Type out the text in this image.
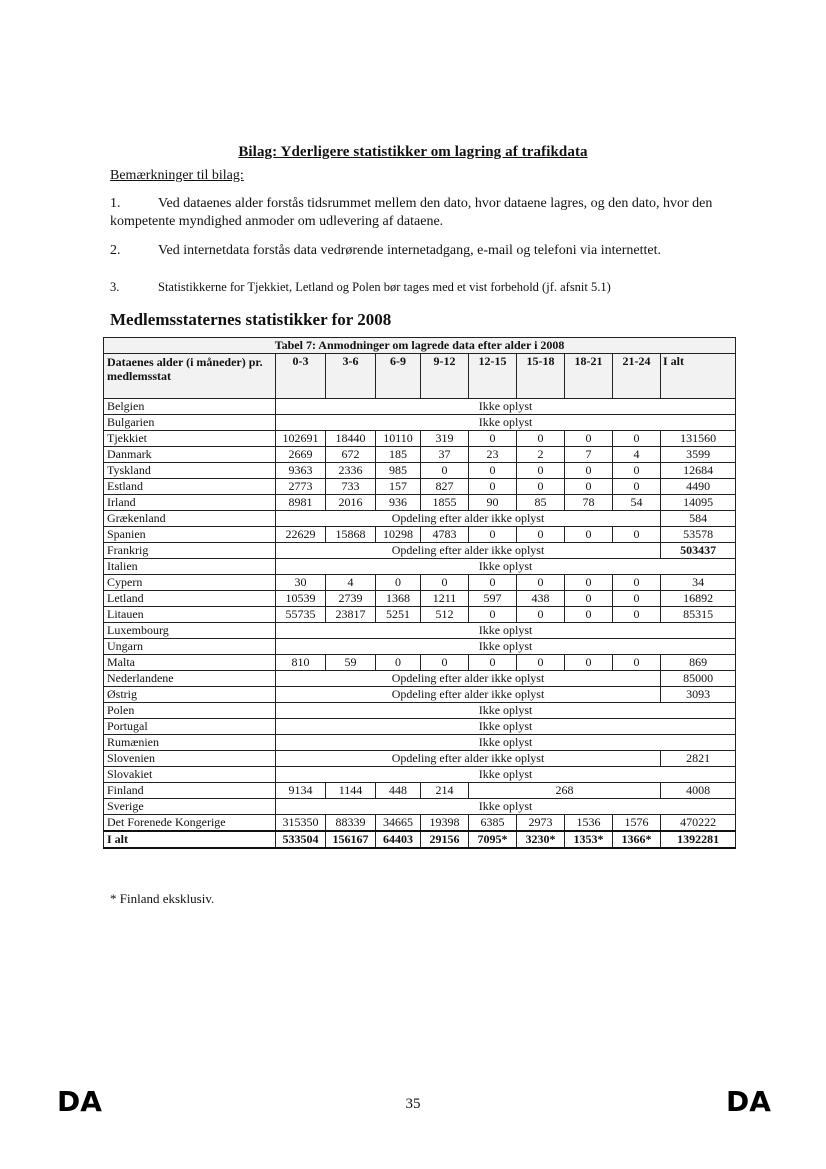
Bilag: Yderligere statistikker om lagring af trafikdata
Bemærkninger til bilag:
1.	Ved dataenes alder forstås tidsrummet mellem den dato, hvor dataene lagres, og den dato, hvor den kompetente myndighed anmoder om udlevering af dataene.
2.	Ved internetdata forstås data vedrørende internetadgang, e-mail og telefoni via internettet.
3.	Statistikkerne for Tjekkiet, Letland og Polen bør tages med et vist forbehold (jf. afsnit 5.1)
Medlemsstaternes statistikker for 2008
Tabel 7: Anmodninger om lagrede data efter alder i 2008									
Dataenes alder (i måneder) pr. medlemsstat	0-3	3-6	6-9	9-12	12-15	15-18	18-21	21-24	I alt
Belgien	Ikke oplyst								
Bulgarien	Ikke oplyst								
Tjekkiet	102691	18440	10110	319	0	0	0	0	131560
Danmark	2669	672	185	37	23	2	7	4	3599
Tyskland	9363	2336	985	0	0	0	0	0	12684
Estland	2773	733	157	827	0	0	0	0	4490
Irland	8981	2016	936	1855	90	85	78	54	14095
Grækenland	Opdeling efter alder ikke oplyst								584
Spanien	22629	15868	10298	4783	0	0	0	0	53578
Frankrig	Opdeling efter alder ikke oplyst								503437
Italien	Ikke oplyst								
Cypern	30	4	0	0	0	0	0	0	34
Letland	10539	2739	1368	1211	597	438	0	0	16892
Litauen	55735	23817	5251	512	0	0	0	0	85315
Luxembourg	Ikke oplyst								
Ungarn	Ikke oplyst								
Malta	810	59	0	0	0	0	0	0	869
Nederlandene	Opdeling efter alder ikke oplyst								85000
Østrig	Opdeling efter alder ikke oplyst								3093
Polen	Ikke oplyst								
Portugal	Ikke oplyst								
Rumænien	Ikke oplyst								
Slovenien	Opdeling efter alder ikke oplyst								2821
Slovakiet	Ikke oplyst								
Finland	9134	1144	448	214	268				4008
Sverige	Ikke oplyst								
Det Forenede Kongerige	315350	88339	34665	19398	6385	2973	1536	1576	470222
I alt	533504	156167	64403	29156	7095*	3230*	1353*	1366*	1392281
* Finland eksklusiv.
DA	35	DA
